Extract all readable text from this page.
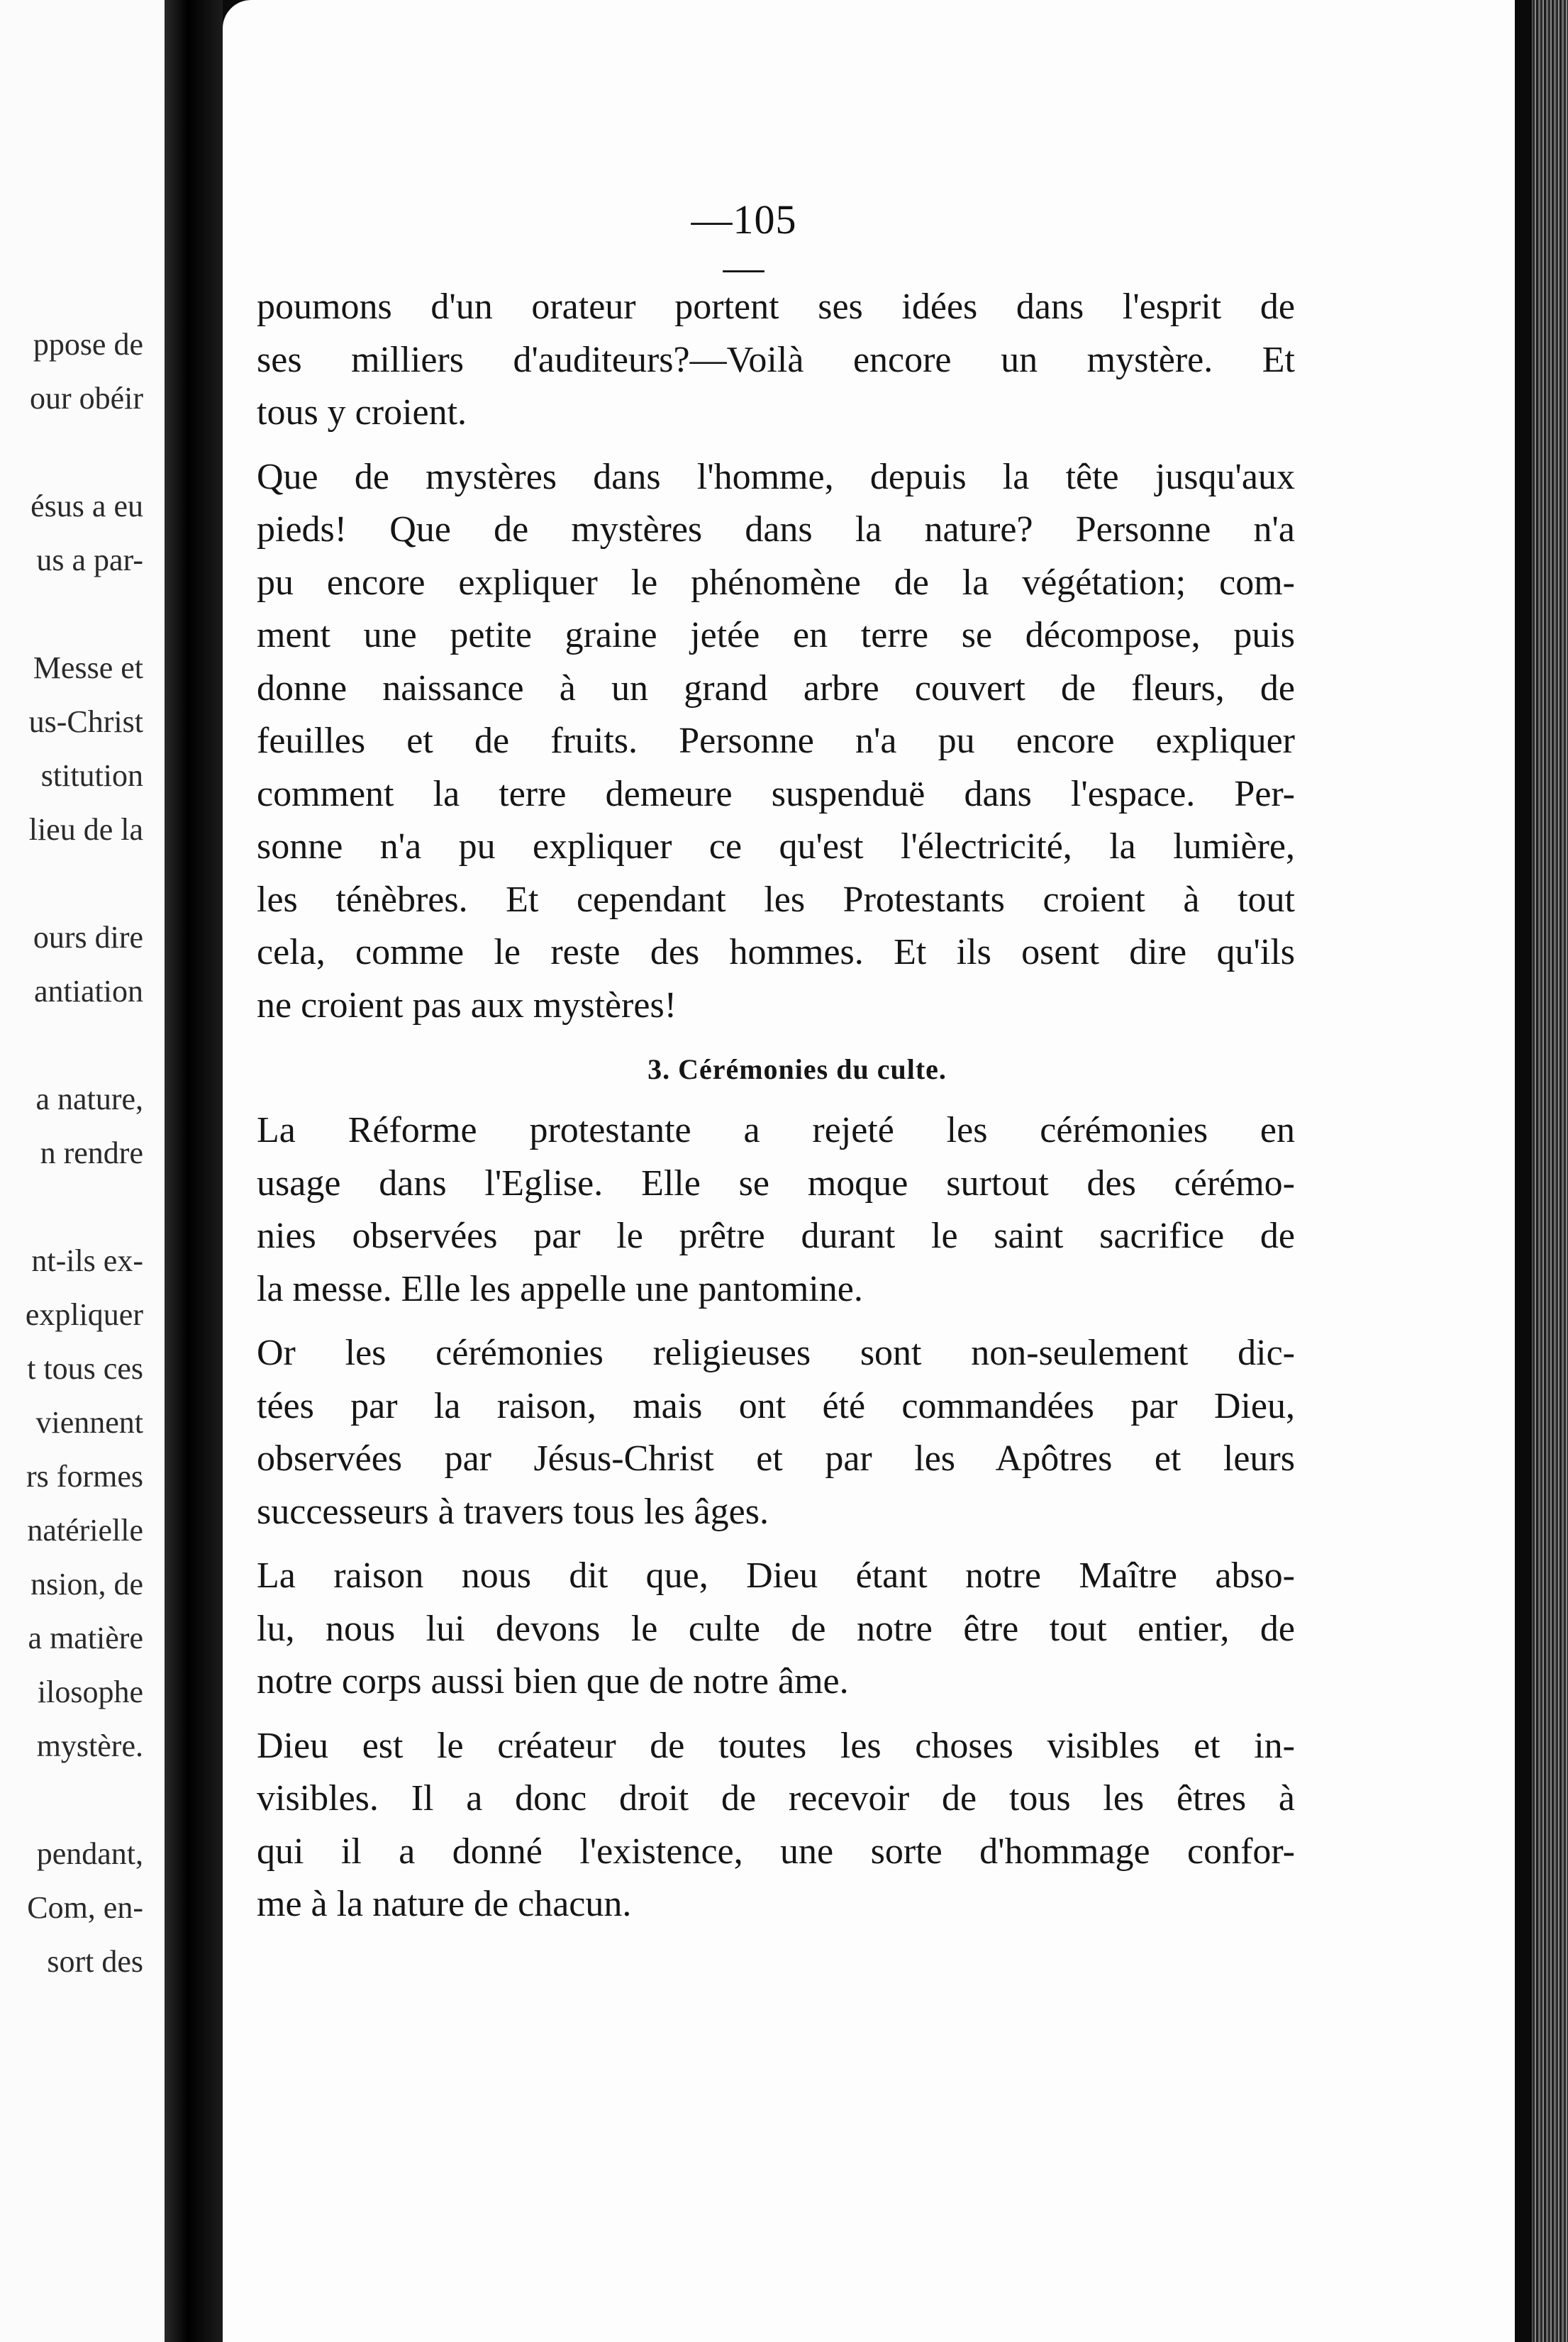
ppose de
our obéir
ésus a eu
us a par-
Messe et
us-Christ
stitution
lieu de la
ours dire
antiation
a nature,
n rendre
nt-ils ex-
expliquer
t tous ces
viennent
rs formes
natérielle
nsion, de
a matière
ilosophe
mystère.
pendant,
Com, en-
sort des
—105—
poumons d'un orateur portent ses idées dans l'esprit de
ses milliers d'auditeurs?—Voilà encore un mystère. Et
tous y croient.
Que de mystères dans l'homme, depuis la tête jusqu'aux
pieds! Que de mystères dans la nature? Personne n'a
pu encore expliquer le phénomène de la végétation; com-
ment une petite graine jetée en terre se décompose, puis
donne naissance à un grand arbre couvert de fleurs, de
feuilles et de fruits. Personne n'a pu encore expliquer
comment la terre demeure suspenduë dans l'espace. Per-
sonne n'a pu expliquer ce qu'est l'électricité, la lumière,
les ténèbres. Et cependant les Protestants croient à tout
cela, comme le reste des hommes. Et ils osent dire qu'ils
ne croient pas aux mystères!
3. Cérémonies du culte.
La Réforme protestante a rejeté les cérémonies en
usage dans l'Eglise. Elle se moque surtout des cérémo-
nies observées par le prêtre durant le saint sacrifice de
la messe. Elle les appelle une pantomine.
Or les cérémonies religieuses sont non-seulement dic-
tées par la raison, mais ont été commandées par Dieu,
observées par Jésus-Christ et par les Apôtres et leurs
successeurs à travers tous les âges.
La raison nous dit que, Dieu étant notre Maître abso-
lu, nous lui devons le culte de notre être tout entier, de
notre corps aussi bien que de notre âme.
Dieu est le créateur de toutes les choses visibles et in-
visibles. Il a donc droit de recevoir de tous les êtres à
qui il a donné l'existence, une sorte d'hommage confor-
me à la nature de chacun.
